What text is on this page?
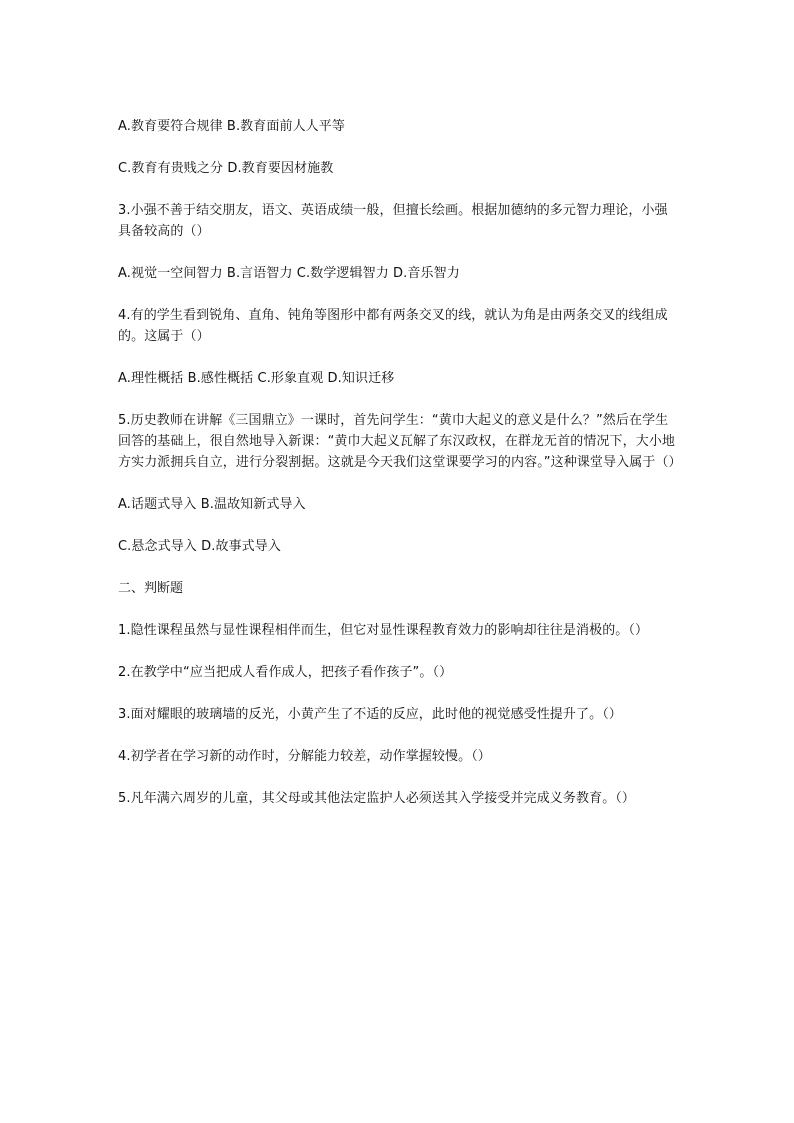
A.教育要符合规律 B.教育面前人人平等

C.教育有贵贱之分 D.教育要因材施教

3.小强不善于结交朋友，语文、英语成绩一般，但擅长绘画。根据加德纳的多元智力理论，小强具备较高的（）

A.视觉一空间智力 B.言语智力 C.数学逻辑智力 D.音乐智力

4.有的学生看到锐角、直角、钝角等图形中都有两条交叉的线，就认为角是由两条交叉的线组成的。这属于（）

A.理性概括 B.感性概括 C.形象直观 D.知识迁移

5.历史教师在讲解《三国鼎立》一课时，首先问学生：“黄巾大起义的意义是什么？”然后在学生回答的基础上，很自然地导入新课：“黄巾大起义瓦解了东汉政权，在群龙无首的情况下，大小地方实力派拥兵自立，进行分裂割据。这就是今天我们这堂课要学习的内容。”这种课堂导入属于（）

A.话题式导入 B.温故知新式导入

C.悬念式导入 D.故事式导入

二、判断题

1.隐性课程虽然与显性课程相伴而生，但它对显性课程教育效力的影响却往往是消极的。（）

2.在教学中“应当把成人看作成人，把孩子看作孩子”。（）

3.面对耀眼的玻璃墙的反光，小黄产生了不适的反应，此时他的视觉感受性提升了。（）

4.初学者在学习新的动作时，分解能力较差，动作掌握较慢。（）

5.凡年满六周岁的儿童，其父母或其他法定监护人必须送其入学接受并完成义务教育。（）
